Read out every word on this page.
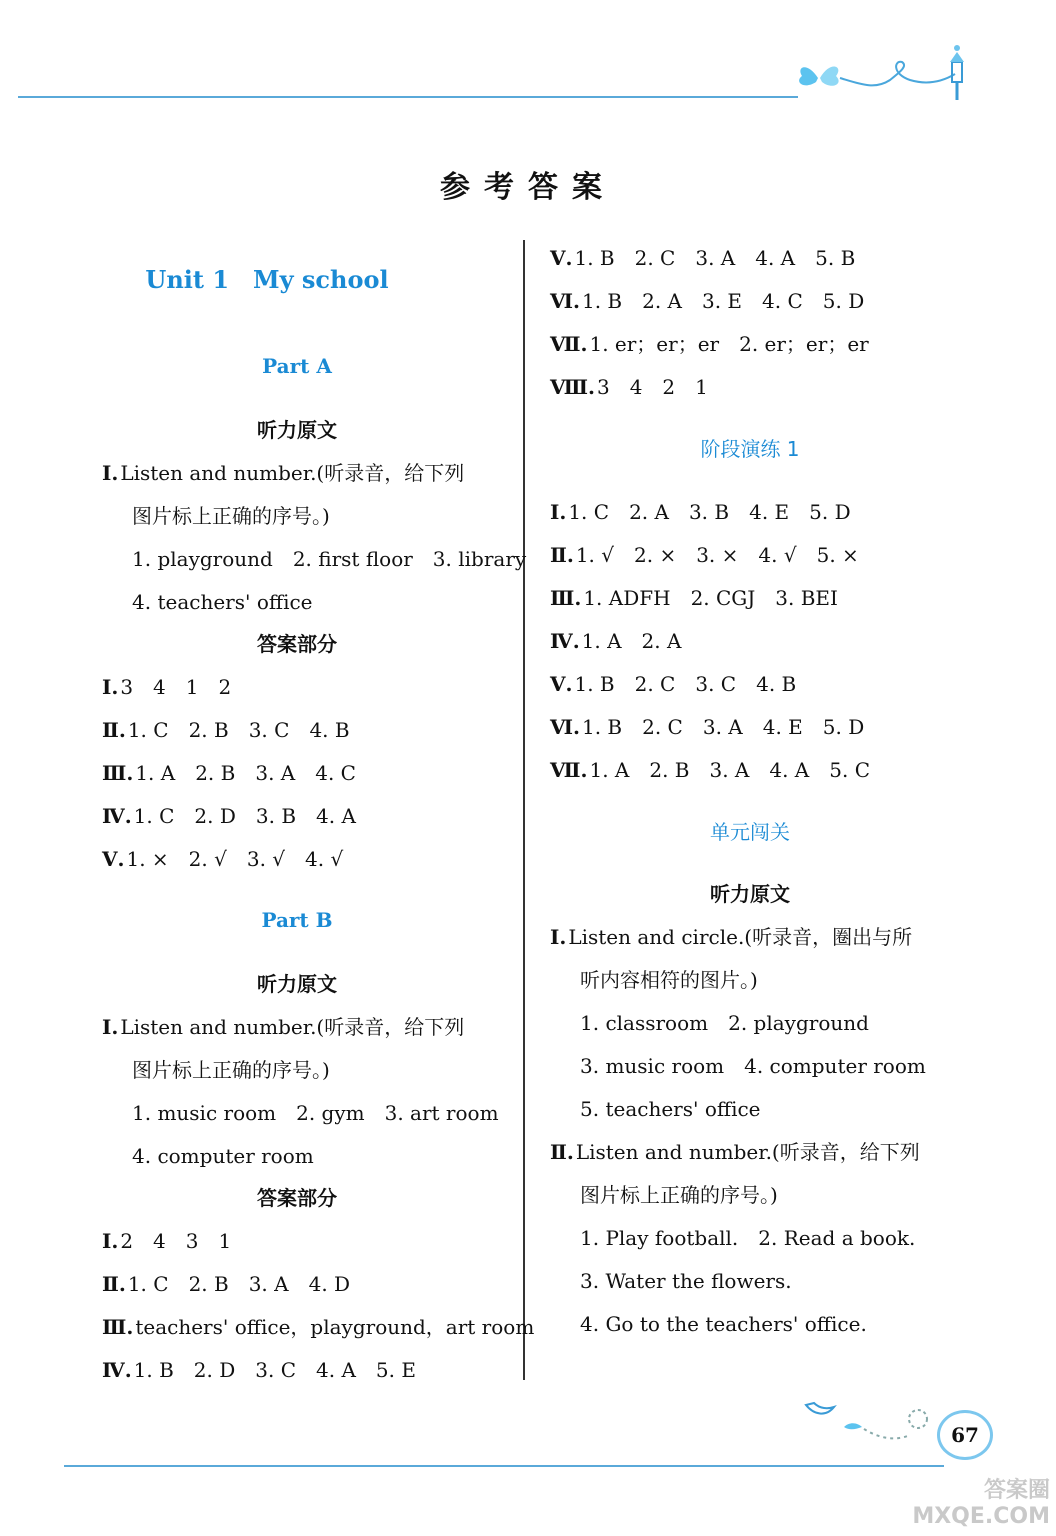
参考答案
Unit 1　My school
Part A
听力原文
Ⅰ. Listen and number.(听录音，给下列
图片标上正确的序号。)
1. playground　2. first floor　3. library
4. teachers' office
答案部分
Ⅰ. 3　4　1　2
Ⅱ. 1. C　2. B　3. C　4. B
Ⅲ. 1. A　2. B　3. A　4. C
Ⅳ. 1. C　2. D　3. B　4. A
Ⅴ. 1. ×　2. √　3. √　4. √
Part B
听力原文
Ⅰ. Listen and number.(听录音，给下列
图片标上正确的序号。)
1. music room　2. gym　3. art room
4. computer room
答案部分
Ⅰ. 2　4　3　1
Ⅱ. 1. C　2. B　3. A　4. D
Ⅲ. teachers' office，playground，art room
Ⅳ. 1. B　2. D　3. C　4. A　5. E
Ⅴ. 1. B　2. C　3. A　4. A　5. B
Ⅵ. 1. B　2. A　3. E　4. C　5. D
Ⅶ. 1. er；er；er　2. er；er；er
Ⅷ. 3　4　2　1
阶段演练 1
Ⅰ. 1. C　2. A　3. B　4. E　5. D
Ⅱ. 1. √　2. ×　3. ×　4. √　5. ×
Ⅲ. 1. ADFH　2. CGJ　3. BEI
Ⅳ. 1. A　2. A
Ⅴ. 1. B　2. C　3. C　4. B
Ⅵ. 1. B　2. C　3. A　4. E　5. D
Ⅶ. 1. A　2. B　3. A　4. A　5. C
单元闯关
听力原文
Ⅰ. Listen and circle.(听录音，圈出与所
听内容相符的图片。)
1. classroom　2. playground
3. music room　4. computer room
5. teachers' office
Ⅱ. Listen and number.(听录音，给下列
图片标上正确的序号。)
1. Play football.　2. Read a book.
3. Water the flowers.
4. Go to the teachers' office.
67
答案圈
MXQE.COM
